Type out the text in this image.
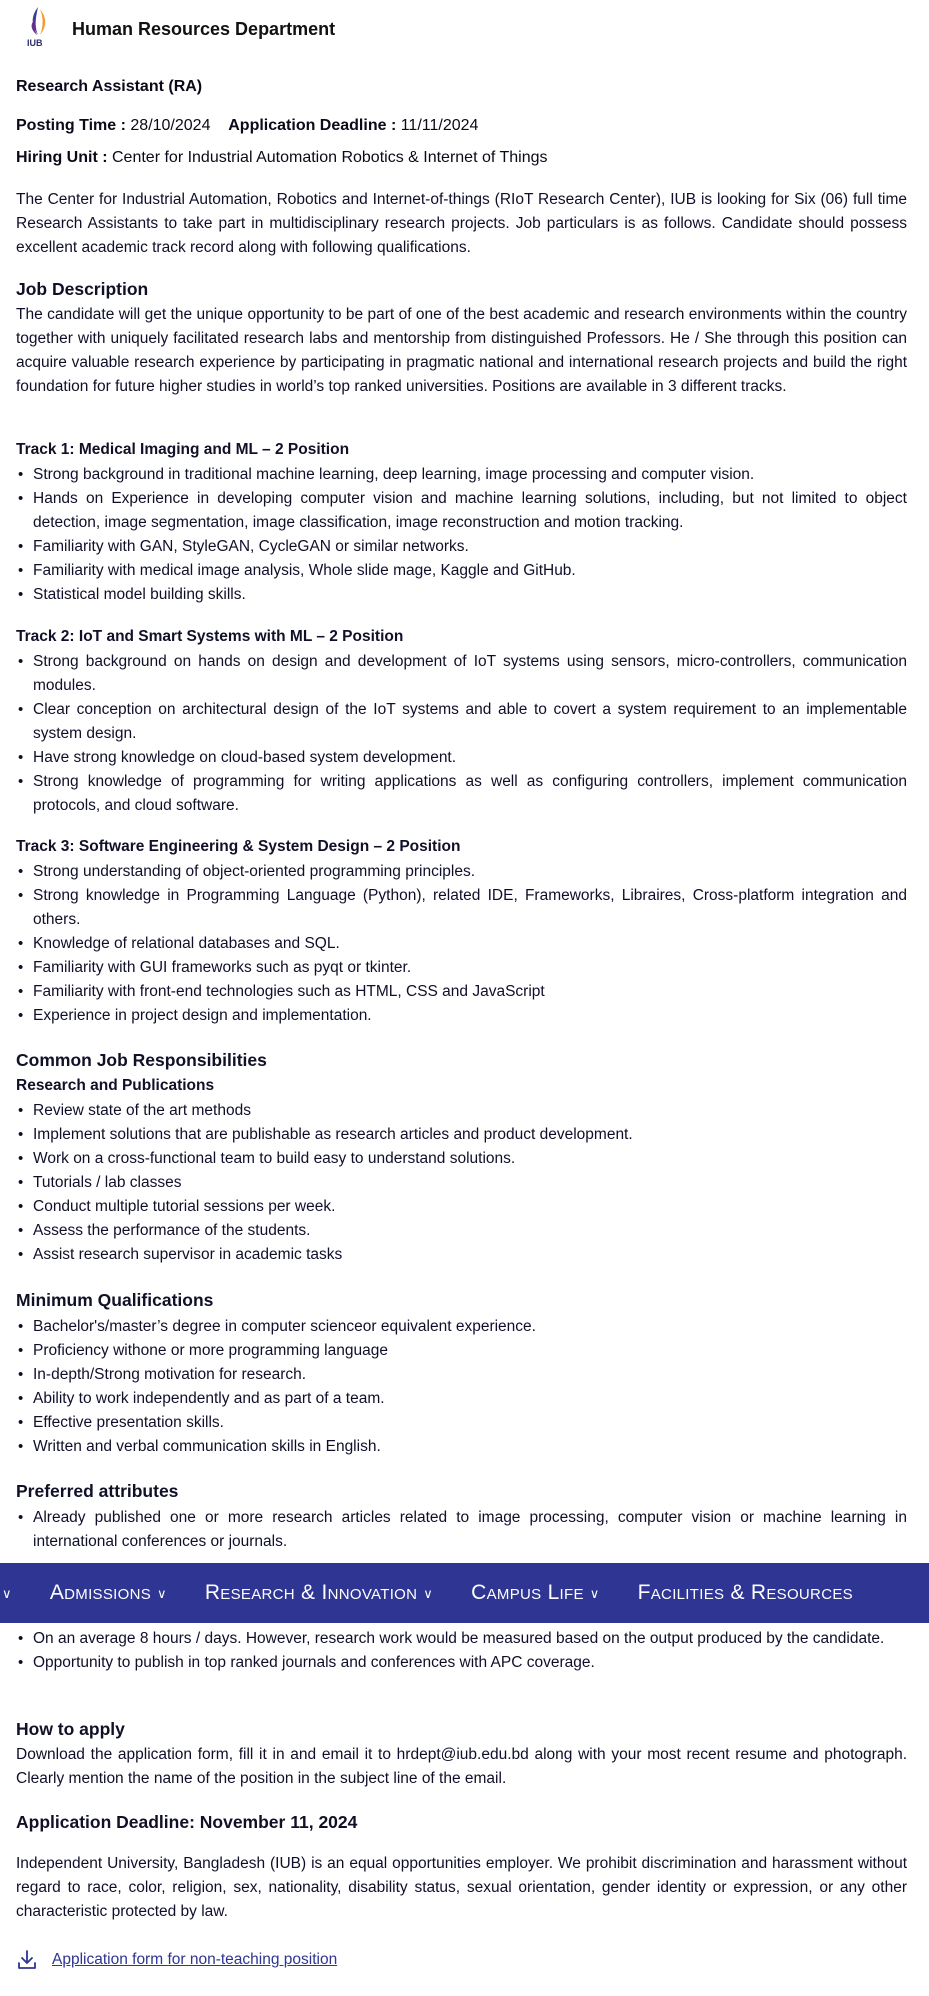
IUB
Human Resources Department
Research Assistant (RA)
Posting Time : 28/10/2024 Application Deadline : 11/11/2024
Hiring Unit : Center for Industrial Automation Robotics & Internet of Things
The Center for Industrial Automation, Robotics and Internet-of-things (RIoT Research Center), IUB is looking for Six (06) full time Research Assistants to take part in multidisciplinary research projects. Job particulars is as follows. Candidate should possess excellent academic track record along with following qualifications.
Job Description
The candidate will get the unique opportunity to be part of one of the best academic and research environments within the country together with uniquely facilitated research labs and mentorship from distinguished Professors. He / She through this position can acquire valuable research experience by participating in pragmatic national and international research projects and build the right foundation for future higher studies in world’s top ranked universities. Positions are available in 3 different tracks.
Track 1: Medical Imaging and ML – 2 Position
• Strong background in traditional machine learning, deep learning, image processing and computer vision.
• Hands on Experience in developing computer vision and machine learning solutions, including, but not limited to object detection, image segmentation, image classification, image reconstruction and motion tracking.
• Familiarity with GAN, StyleGAN, CycleGAN or similar networks.
• Familiarity with medical image analysis, Whole slide mage, Kaggle and GitHub.
• Statistical model building skills.
Track 2: IoT and Smart Systems with ML – 2 Position
• Strong background on hands on design and development of IoT systems using sensors, micro-controllers, communication modules.
• Clear conception on architectural design of the IoT systems and able to covert a system requirement to an implementable system design.
• Have strong knowledge on cloud-based system development.
• Strong knowledge of programming for writing applications as well as configuring controllers, implement communication protocols, and cloud software.
Track 3: Software Engineering & System Design – 2 Position
• Strong understanding of object-oriented programming principles.
• Strong knowledge in Programming Language (Python), related IDE, Frameworks, Libraires, Cross-platform integration and others.
• Knowledge of relational databases and SQL.
• Familiarity with GUI frameworks such as pyqt or tkinter.
• Familiarity with front-end technologies such as HTML, CSS and JavaScript
• Experience in project design and implementation.
Common Job Responsibilities
Research and Publications
• Review state of the art methods
• Implement solutions that are publishable as research articles and product development.
• Work on a cross-functional team to build easy to understand solutions.
• Tutorials / lab classes
• Conduct multiple tutorial sessions per week.
• Assess the performance of the students.
• Assist research supervisor in academic tasks
Minimum Qualifications
• Bachelor's/master’s degree in computer scienceor equivalent experience.
• Proficiency withone or more programming language
• In-depth/Strong motivation for research.
• Ability to work independently and as part of a team.
• Effective presentation skills.
• Written and verbal communication skills in English.
Preferred attributes
• Already published one or more research articles related to image processing, computer vision or machine learning in international conferences or journals.
∨ Admissions ∨ Research & Innovation ∨ Campus Life ∨ Facilities & Resources
• On an average 8 hours / days. However, research work would be measured based on the output produced by the candidate.
• Opportunity to publish in top ranked journals and conferences with APC coverage.
How to apply
Download the application form, fill it in and email it to hrdept@iub.edu.bd along with your most recent resume and photograph. Clearly mention the name of the position in the subject line of the email.
Application Deadline: November 11, 2024
Independent University, Bangladesh (IUB) is an equal opportunities employer. We prohibit discrimination and harassment without regard to race, color, religion, sex, nationality, disability status, sexual orientation, gender identity or expression, or any other characteristic protected by law.
Application form for non-teaching position
